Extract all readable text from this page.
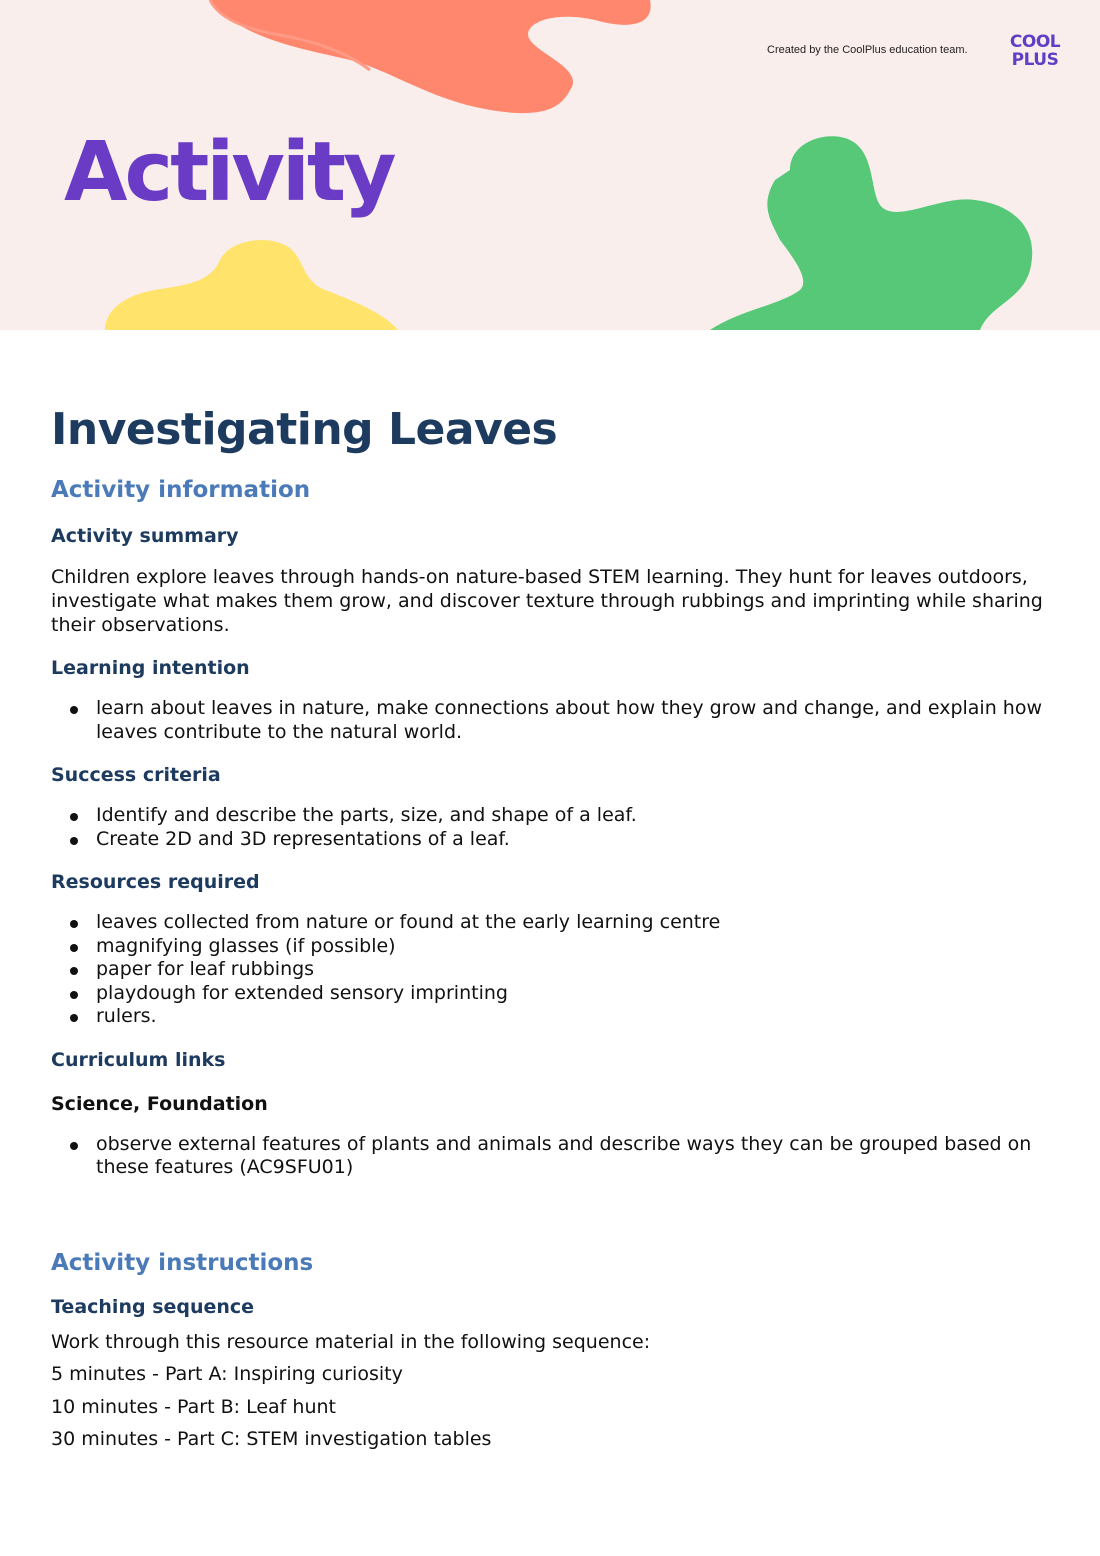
Created by the CoolPlus education team.	COOL
PLUS
Activity
Investigating Leaves
Activity information
Activity summary

Children explore leaves through hands-on nature-based STEM learning. They hunt for leaves outdoors, investigate what makes them grow, and discover texture through rubbings and imprinting while sharing their observations.

Learning intention
learn about leaves in nature, make connections about how they grow and change, and explain how leaves contribute to the natural world.
Success criteria
Identify and describe the parts, size, and shape of a leaf.
Create 2D and 3D representations of a leaf.
Resources required
leaves collected from nature or found at the early learning centre
magnifying glasses (if possible)
paper for leaf rubbings
playdough for extended sensory imprinting
rulers.
Curriculum links
Science, Foundation
observe external features of plants and animals and describe ways they can be grouped based on these features (AC9SFU01)
Activity instructions
Teaching sequence

Work through this resource material in the following sequence:

5 minutes - Part A: Inspiring curiosity

10 minutes - Part B: Leaf hunt

30 minutes - Part C: STEM investigation tables
